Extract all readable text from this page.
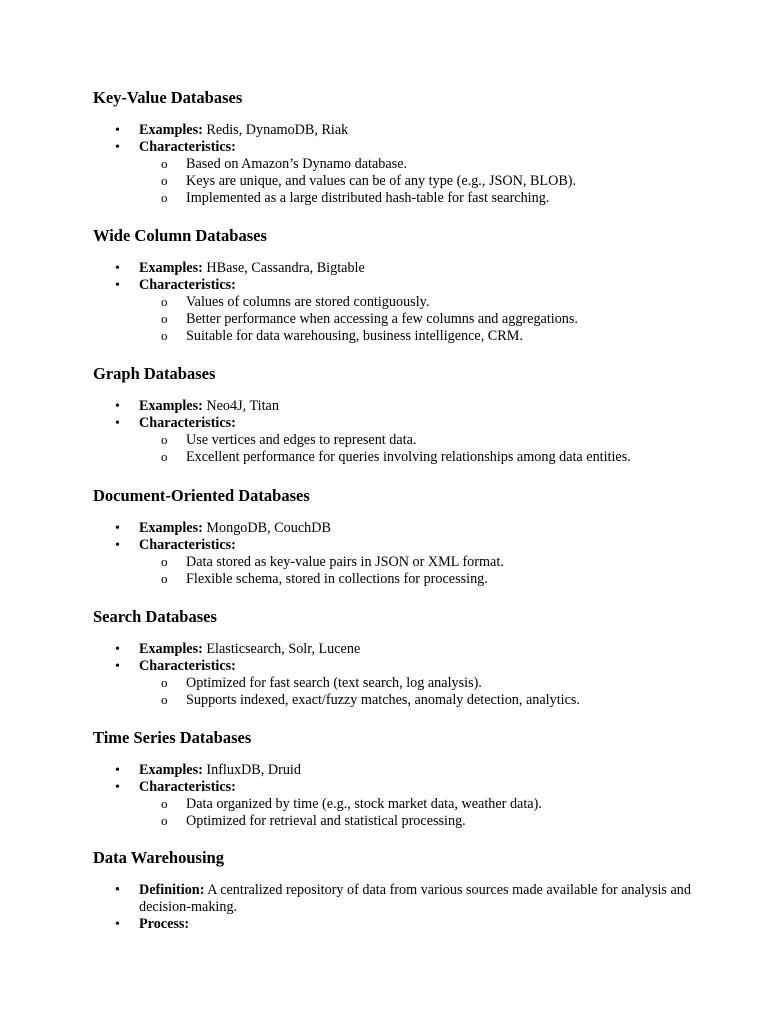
Key-Value Databases
• Examples: Redis, DynamoDB, Riak
• Characteristics:
o Based on Amazon’s Dynamo database.
o Keys are unique, and values can be of any type (e.g., JSON, BLOB).
o Implemented as a large distributed hash-table for fast searching.
Wide Column Databases
• Examples: HBase, Cassandra, Bigtable
• Characteristics:
o Values of columns are stored contiguously.
o Better performance when accessing a few columns and aggregations.
o Suitable for data warehousing, business intelligence, CRM.
Graph Databases
• Examples: Neo4J, Titan
• Characteristics:
o Use vertices and edges to represent data.
o Excellent performance for queries involving relationships among data entities.
Document-Oriented Databases
• Examples: MongoDB, CouchDB
• Characteristics:
o Data stored as key-value pairs in JSON or XML format.
o Flexible schema, stored in collections for processing.
Search Databases
• Examples: Elasticsearch, Solr, Lucene
• Characteristics:
o Optimized for fast search (text search, log analysis).
o Supports indexed, exact/fuzzy matches, anomaly detection, analytics.
Time Series Databases
• Examples: InfluxDB, Druid
• Characteristics:
o Data organized by time (e.g., stock market data, weather data).
o Optimized for retrieval and statistical processing.
Data Warehousing
• Definition: A centralized repository of data from various sources made available for analysis and decision-making.
• Process:
